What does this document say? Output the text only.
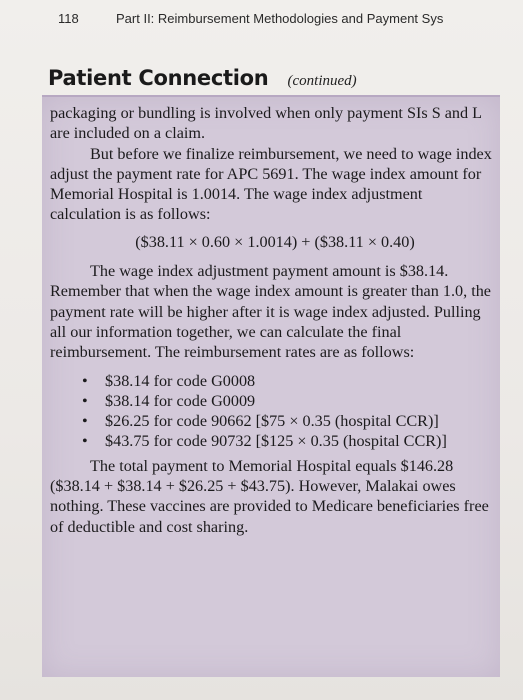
118	Part II: Reimbursement Methodologies and Payment Sys
Patient Connection (continued)

packaging or bundling is involved when only payment SIs S and L are included on a claim.

But before we finalize reimbursement, we need to wage index adjust the payment rate for APC 5691. The wage index amount for Memorial Hospital is 1.0014. The wage index adjustment calculation is as follows:

($38.11 × 0.60 × 1.0014) + ($38.11 × 0.40)

The wage index adjustment payment amount is $38.14. Remember that when the wage index amount is greater than 1.0, the payment rate will be higher after it is wage index adjusted. Pulling all our information together, we can calculate the final reimbursement. The reimbursement rates are as follows:

• $38.14 for code G0008
• $38.14 for code G0009
• $26.25 for code 90662 [$75 × 0.35 (hospital CCR)]
• $43.75 for code 90732 [$125 × 0.35 (hospital CCR)]

The total payment to Memorial Hospital equals $146.28 ($38.14 + $38.14 + $26.25 + $43.75). However, Malakai owes nothing. These vaccines are provided to Medicare beneficiaries free of deductible and cost sharing.
